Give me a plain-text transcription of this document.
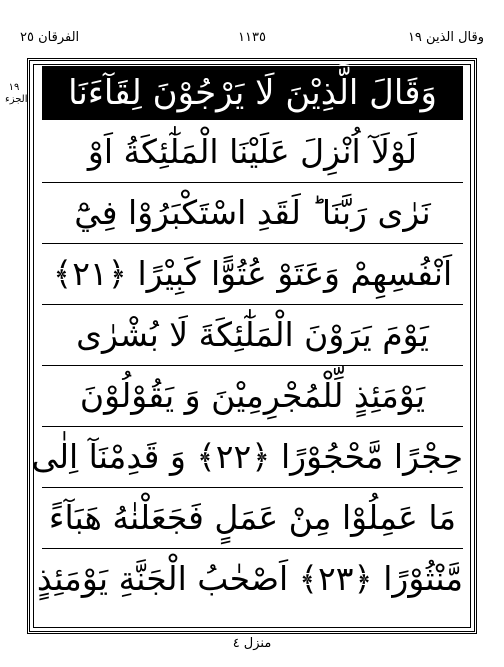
الفرقان ٢٥	١١٣٥	وقال الذين ١٩
١٩ الجزء	وَقَالَ الَّذِيْنَ لَا يَرْجُوْنَ لِقَآءَنَا
لَوْلَآ اُنْزِلَ عَلَيْنَا الْمَلٰٓئِكَةُ اَوْ
نَرٰى رَبَّنَا ؕ لَقَدِ اسْتَكْبَرُوْا فِيْٓ
اَنْفُسِهِمْ وَعَتَوْ عُتُوًّا كَبِيْرًا ﴿٢١﴾
يَوْمَ يَرَوْنَ الْمَلٰٓئِكَةَ لَا بُشْرٰى
يَوْمَئِذٍ لِّلْمُجْرِمِيْنَ وَ يَقُوْلُوْنَ
حِجْرًا مَّحْجُوْرًا ﴿٢٢﴾ وَ قَدِمْنَآ اِلٰى
مَا عَمِلُوْا مِنْ عَمَلٍ فَجَعَلْنٰهُ هَبَآءً
مَّنْثُوْرًا ﴿٢٣﴾ اَصْحٰبُ الْجَنَّةِ يَوْمَئِذٍ
منزل ٤
